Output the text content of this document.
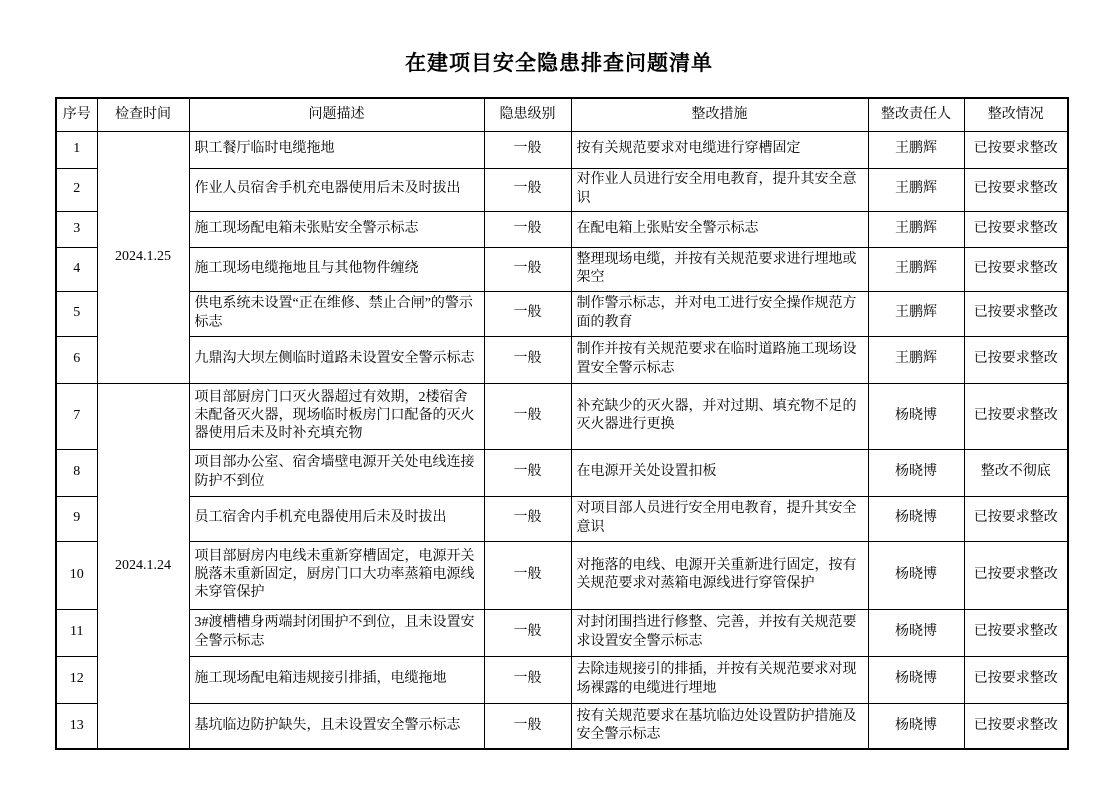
在建项目安全隐患排查问题清单
序号	检查时间	问题描述	隐患级别	整改措施	整改责任人	整改情况
1	2024.1.25	职工餐厅临时电缆拖地	一般	按有关规范要求对电缆进行穿槽固定	王鹏辉	已按要求整改
2		作业人员宿舍手机充电器使用后未及时拔出	一般	对作业人员进行安全用电教育，提升其安全意识	王鹏辉	已按要求整改
3		施工现场配电箱未张贴安全警示标志	一般	在配电箱上张贴安全警示标志	王鹏辉	已按要求整改
4		施工现场电缆拖地且与其他物件缠绕	一般	整理现场电缆，并按有关规范要求进行埋地或架空	王鹏辉	已按要求整改
5		供电系统未设置“正在维修、禁止合闸”的警示标志	一般	制作警示标志，并对电工进行安全操作规范方面的教育	王鹏辉	已按要求整改
6		九鼎沟大坝左侧临时道路未设置安全警示标志	一般	制作并按有关规范要求在临时道路施工现场设置安全警示标志	王鹏辉	已按要求整改
7	2024.1.24	项目部厨房门口灭火器超过有效期，2楼宿舍未配备灭火器，现场临时板房门口配备的灭火器使用后未及时补充填充物	一般	补充缺少的灭火器，并对过期、填充物不足的灭火器进行更换	杨晓博	已按要求整改
8		项目部办公室、宿舍墙壁电源开关处电线连接防护不到位	一般	在电源开关处设置扣板	杨晓博	整改不彻底
9		员工宿舍内手机充电器使用后未及时拔出	一般	对项目部人员进行安全用电教育，提升其安全意识	杨晓博	已按要求整改
10		项目部厨房内电线未重新穿槽固定，电源开关脱落未重新固定，厨房门口大功率蒸箱电源线未穿管保护	一般	对拖落的电线、电源开关重新进行固定，按有关规范要求对蒸箱电源线进行穿管保护	杨晓博	已按要求整改
11		3#渡槽槽身两端封闭围护不到位，且未设置安全警示标志	一般	对封闭围挡进行修整、完善，并按有关规范要求设置安全警示标志	杨晓博	已按要求整改
12		施工现场配电箱违规接引排插，电缆拖地	一般	去除违规接引的排插，并按有关规范要求对现场裸露的电缆进行埋地	杨晓博	已按要求整改
13		基坑临边防护缺失，且未设置安全警示标志	一般	按有关规范要求在基坑临边处设置防护措施及安全警示标志	杨晓博	已按要求整改
